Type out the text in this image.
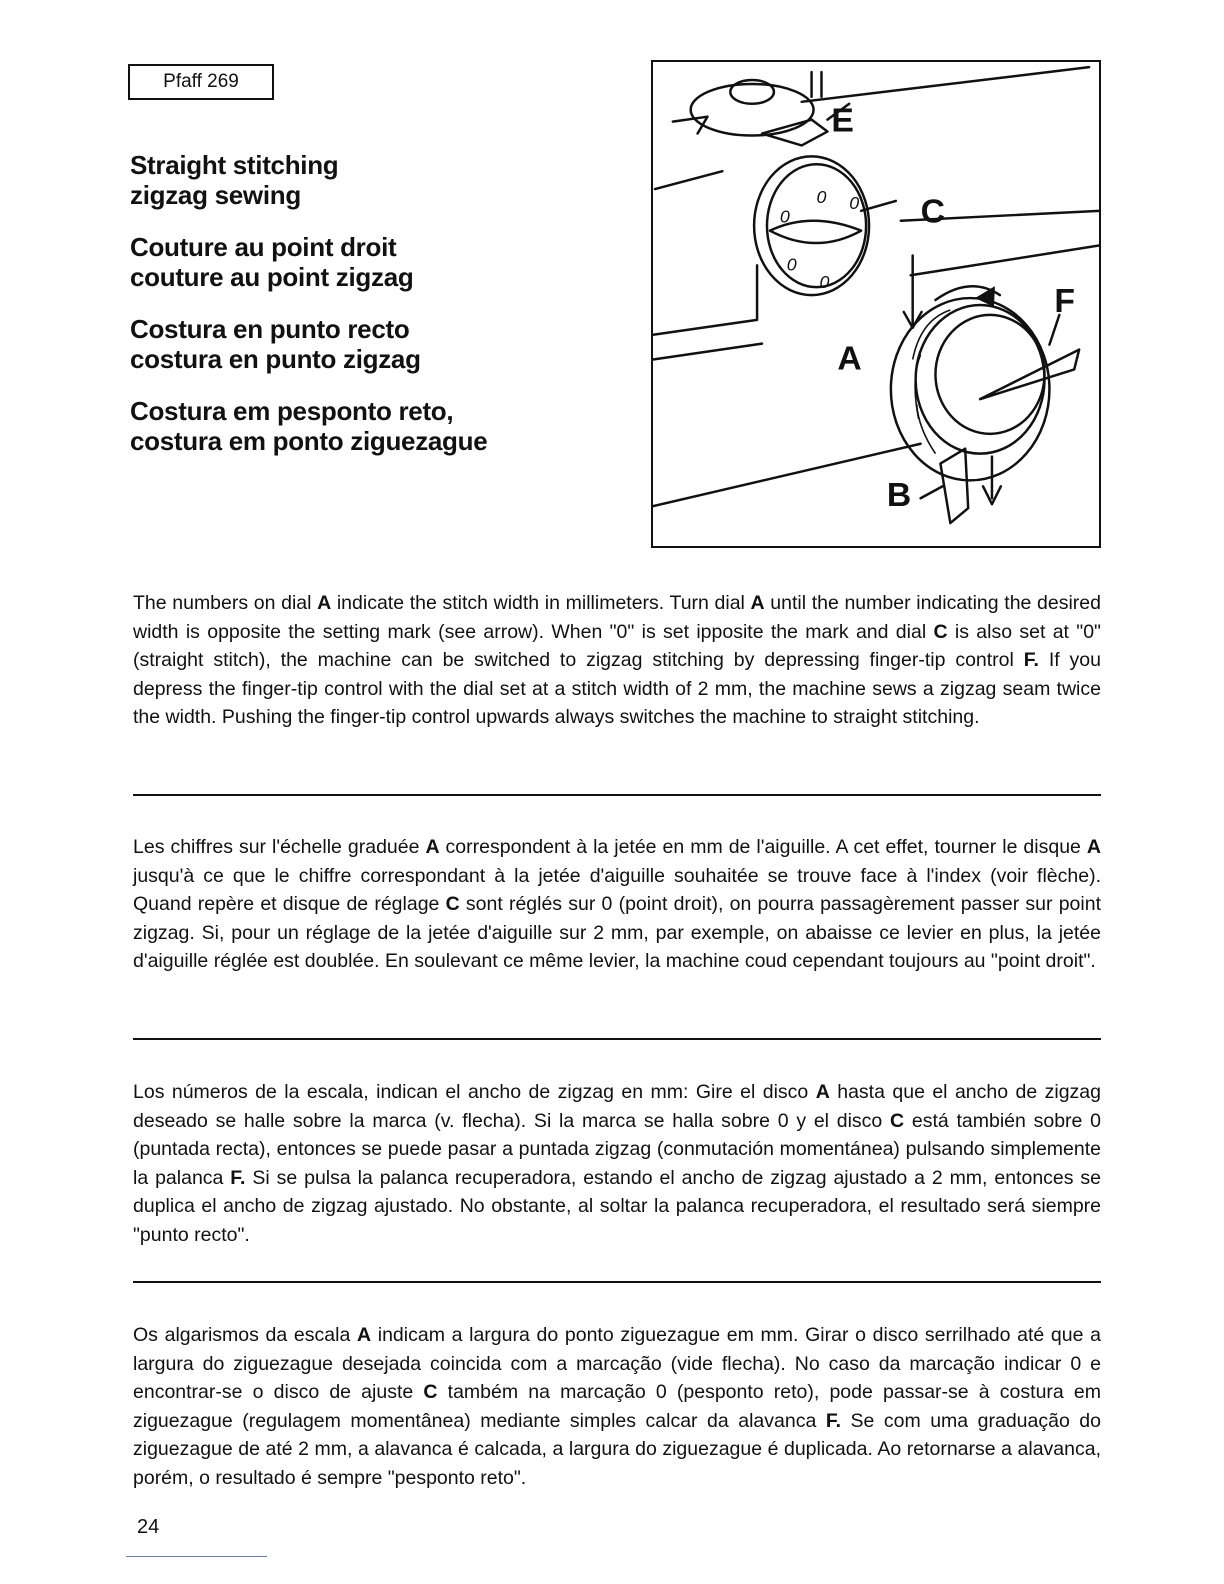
Pfaff 269
Straight stitching
zigzag sewing
Couture au point droit
couture au point zigzag
Costura en punto recto
costura en punto zigzag
Costura em pesponto reto,
costura em ponto ziguezague
0
0 0
0
0
E
C
F
A
B

The numbers on dial A indicate the stitch width in millimeters. Turn dial A until the number indicating the desired width is opposite the setting mark (see arrow). When "0" is set ipposite the mark and dial C is also set at "0" (straight stitch), the machine can be switched to zigzag stitching by depressing finger-tip control F. If you depress the finger-tip control with the dial set at a stitch width of 2 mm, the machine sews a zigzag seam twice the width. Pushing the finger-tip control upwards always switches the machine to straight stitching.

Les chiffres sur l'échelle graduée A correspondent à la jetée en mm de l'aiguille. A cet effet, tourner le disque A jusqu'à ce que le chiffre correspondant à la jetée d'aiguille souhaitée se trouve face à l'index (voir flèche). Quand repère et disque de réglage C sont réglés sur 0 (point droit), on pourra passagèrement passer sur point zigzag. Si, pour un réglage de la jetée d'aiguille sur 2 mm, par exemple, on abaisse ce levier en plus, la jetée d'aiguille réglée est doublée. En soulevant ce même levier, la machine coud cependant toujours au "point droit".

Los números de la escala, indican el ancho de zigzag en mm: Gire el disco A hasta que el ancho de zigzag deseado se halle sobre la marca (v. flecha). Si la marca se halla sobre 0 y el disco C está también sobre 0 (puntada recta), entonces se puede pasar a puntada zigzag (conmutación momentánea) pulsando simplemente la palanca F. Si se pulsa la palanca recuperadora, estando el ancho de zigzag ajustado a 2 mm, entonces se duplica el ancho de zigzag ajustado. No obstante, al soltar la palanca recuperadora, el resultado será siempre "punto recto".

Os algarismos da escala A indicam a largura do ponto ziguezague em mm. Girar o disco serrilhado até que a largura do ziguezague desejada coincida com a marcação (vide flecha). No caso da marcação indicar 0 e encontrar-se o disco de ajuste C também na marcação 0 (pesponto reto), pode passar-se à costura em ziguezague (regulagem momentânea) mediante simples calcar da alavanca F. Se com uma graduação do ziguezague de até 2 mm, a alavanca é calcada, a largura do ziguezague é duplicada. Ao retornarse a alavanca, porém, o resultado é sempre "pesponto reto".

24
